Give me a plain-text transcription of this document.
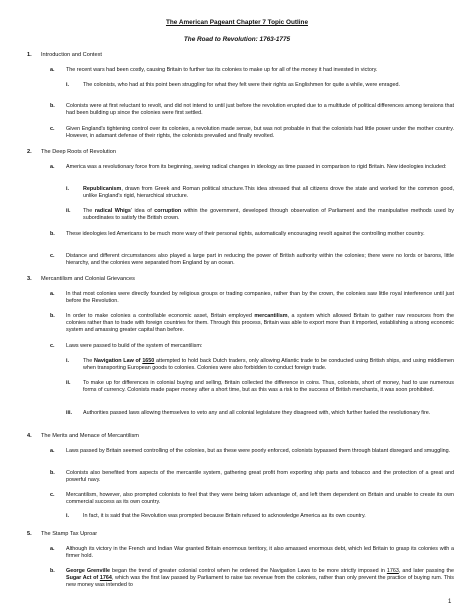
The American Pageant Chapter 7 Topic Outline
The Road to Revolution: 1763-1775
1. Introduction and Context
a. The recent wars had been costly, causing Britain to further tax its colonies to make up for all of the money it had invested in victory.
i.	The colonists, who had at this point been struggling for what they felt were their rights as Englishmen for quite a while, were enraged.
b. Colonists were at first reluctant to revolt, and did not intend to until just before the revolution erupted due to a multitude of political differences among tensions that had been building up since the colonies were first settled.
c. Given England's tightening control over its colonies, a revolution made sense, but was not probable in that the colonists had little power under the mother country. However, in adamant defense of their rights, the colonists prevailed and finally revolted.
2. The Deep Roots of Revolution
a. America was a revolutionary force from its beginning, seeing radical changes in ideology as time passed in comparison to rigid Britain. New ideologies included:
i.	Republicanism, drawn from Greek and Roman political structure.This idea stressed that all citizens drove the state and worked for the common good, unlike England's rigid, hierarchical structure.
ii. The radical Whigs' idea of corruption within the government, developed through observation of Parliament and the manipulative methods used by subordinates to satisfy the British crown.
b. These ideologies led Americans to be much more wary of their personal rights, automatically encouraging revolt against the controlling mother country.
c. Distance and different circumstances also played a large part in reducing the power of British authority within the colonies; there were no lords or barons, little hierarchy, and the colonies were separated from England by an ocean.
3. Mercantilism and Colonial Grievances
a. In that most colonies were directly founded by religious groups or trading companies, rather than by the crown, the colonies saw little royal interference until just before the Revolution.
b. In order to make colonies a controllable economic asset, Britain employed mercantilism, a system which allowed Britain to gather raw resources from the colonies rather than to trade with foreign countries for them. Through this process, Britain was able to export more than it imported, establishing a strong economic system and amassing greater capital than before.
c. Laws were passed to build of the system of mercantilism:
i.	The Navigation Law of 1650 attempted to hold back Dutch traders, only allowing Atlantic trade to be conducted using British ships, and using middlemen when transporting European goods to colonies. Colonies were also forbidden to conduct foreign trade.
ii. To make up for differences in colonial buying and selling, Britain collected the difference in coins. Thus, colonists, short of money, had to use numerous forms of currency. Colonists made paper money after a short time, but as this was a risk to the success of British merchants, it was soon prohibited.
iii. Authorities passed laws allowing themselves to veto any and all colonial legislature they disagreed with, which further fueled the revolutionary fire.
4. The Merits and Menace of Mercantilism
a. Laws passed by Britain seemed controlling of the colonies, but as these were poorly enforced, colonists bypassed them through blatant disregard and smuggling.
b. Colonists also benefited from aspects of the mercantile system, gathering great profit from exporting ship parts and tobacco and the protection of a great and powerful navy.
c. Mercantilism, however, also prompted colonists to feel that they were being taken advantage of, and left them dependent on Britain and unable to create its own commercial success as its own country.
i.	In fact, it is said that the Revolution was prompted because Britain refused to acknowledge America as its own country.
5. The Stamp Tax Uproar
a. Although its victory in the French and Indian War granted Britain enormous territory, it also amassed enormous debt, which led Britain to grasp its colonies with a firmer hold.
b. George Grenville began the trend of greater colonial control when he ordered the Navigation Laws to be more strictly imposed in 1763, and later passing the Sugar Act of 1764, which was the first law passed by Parliament to raise tax revenue from the colonies, rather than only prevent the practice of buying rum. This new money was intended to
1
